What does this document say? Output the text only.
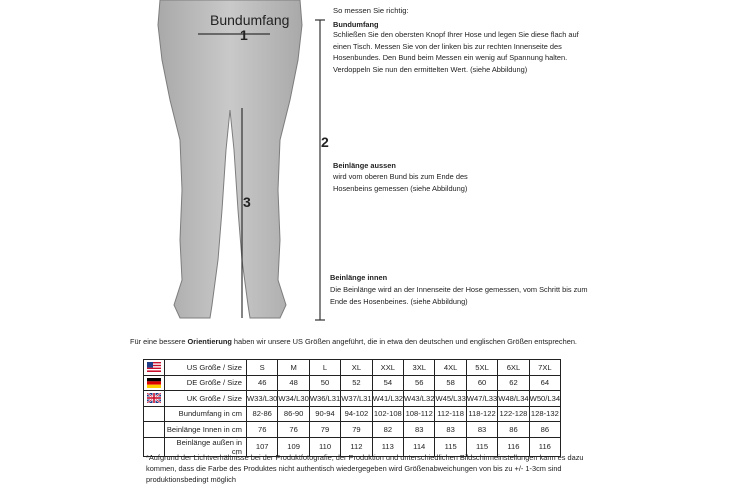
Bundumfang
1
2
3
So messen Sie richtig:
Bundumfang
Schließen Sie den obersten Knopf Ihrer Hose und legen Sie diese flach auf einen Tisch. Messen Sie von der linken bis zur rechten Innenseite des Hosenbundes. Den Bund beim Messen ein wenig auf Spannung halten. Verdoppeln Sie nun den ermittelten Wert. (siehe Abbildung)
Beinlänge aussen
wird vom oberen Bund bis zum Ende des Hosenbeins gemessen (siehe Abbildung)
Beinlänge innen
Die Beinlänge wird an der Innenseite der Hose gemessen, vom Schritt bis zum Ende des Hosenbeines. (siehe Abbildung)
Für eine bessere Orientierung haben wir unsere US Größen angeführt, die in etwa den deutschen und englischen Größen entsprechen.
	US Größe / Size	S	M	L	XL	XXL	3XL	4XL	5XL	6XL	7XL

	DE Größe / Size	46	48	50	52	54	56	58	60	62	64

	UK Größe / Size	W33/L30	W34/L30	W36/L31	W37/L31	W41/L32	W43/L32	W45/L33	W47/L33	W48/L34	W50/L34
	Bundumfang in cm	82-86	86-90	90-94	94-102	102-108	108-112	112-118	118-122	122-128	128-132
	Beinlänge Innen in cm	76	76	79	79	82	83	83	83	86	86
	Beinlänge außen in cm	107	109	110	112	113	114	115	115	116	116
*Aufgrund der Lichtverhältnisse bei der Produktfotografie, der Produktion und unterschiedlichen Bildschirmeinstellungen kann es dazu kommen, dass die Farbe des Produktes nicht authentisch wiedergegeben wird Größenabweichungen von bis zu +/- 1-3cm sind produktionsbedingt möglich
